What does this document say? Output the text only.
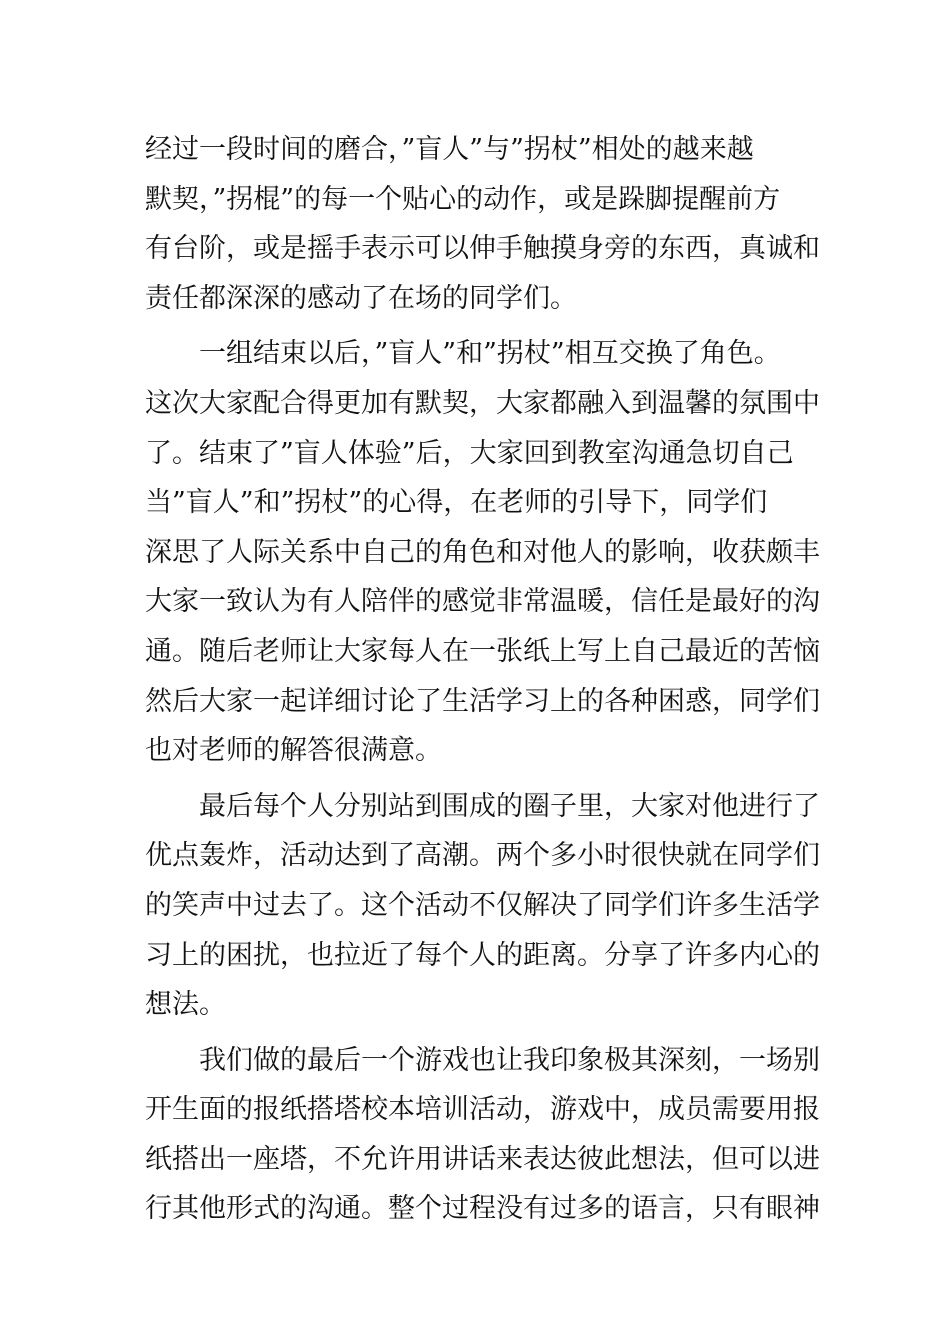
经过一段时间的磨合，”盲人”与”拐杖”相处的越来越
默契，”拐棍”的每一个贴心的动作，或是跺脚提醒前方
有台阶，或是摇手表示可以伸手触摸身旁的东西，真诚和
责任都深深的感动了在场的同学们。
一组结束以后，”盲人”和”拐杖”相互交换了角色。
这次大家配合得更加有默契，大家都融入到温馨的氛围中
了。结束了”盲人体验”后，大家回到教室沟通急切自己
当”盲人”和”拐杖”的心得，在老师的引导下，同学们
深思了人际关系中自己的角色和对他人的影响，收获颇丰
大家一致认为有人陪伴的感觉非常温暖，信任是最好的沟
通。随后老师让大家每人在一张纸上写上自己最近的苦恼
然后大家一起详细讨论了生活学习上的各种困惑，同学们
也对老师的解答很满意。
最后每个人分别站到围成的圈子里，大家对他进行了
优点轰炸，活动达到了高潮。两个多小时很快就在同学们
的笑声中过去了。这个活动不仅解决了同学们许多生活学
习上的困扰，也拉近了每个人的距离。分享了许多内心的
想法。
我们做的最后一个游戏也让我印象极其深刻，一场别
开生面的报纸搭塔校本培训活动，游戏中，成员需要用报
纸搭出一座塔，不允许用讲话来表达彼此想法，但可以进
行其他形式的沟通。整个过程没有过多的语言，只有眼神
